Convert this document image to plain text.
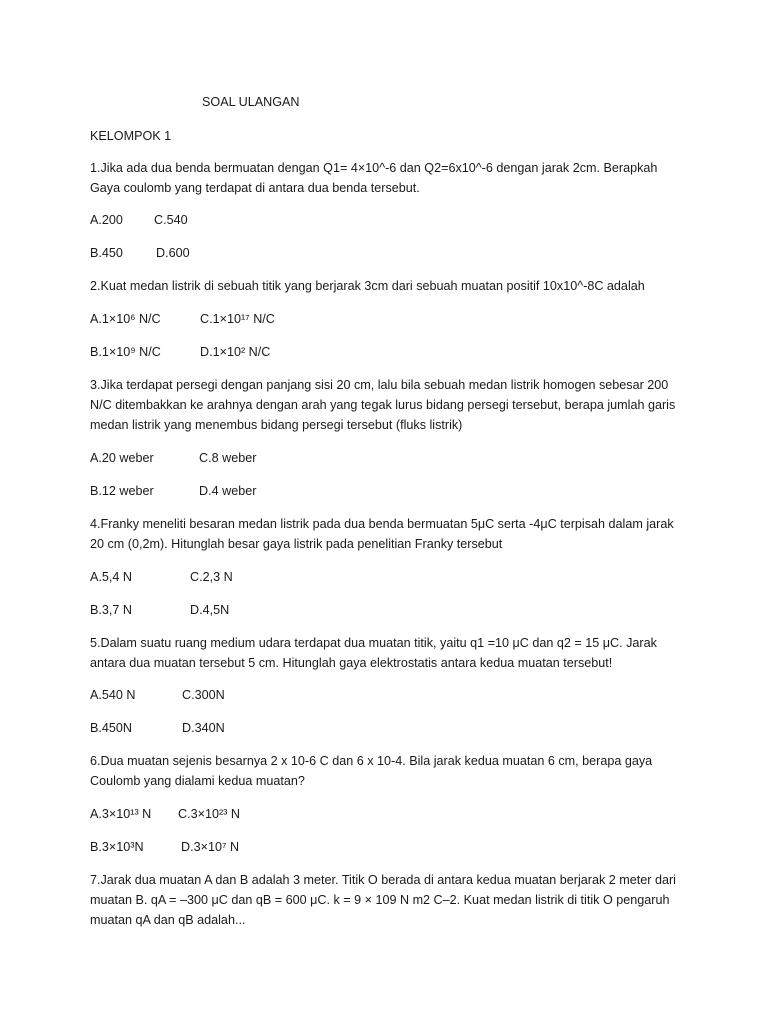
SOAL ULANGAN

KELOMPOK 1

1.Jika ada dua benda bermuatan dengan Q1= 4×10^-6 dan Q2=6x10^-6 dengan jarak 2cm. Berapkah Gaya coulomb yang terdapat di antara dua benda tersebut.

A.200 C.540
B.450	D.600

2.Kuat medan listrik di sebuah titik yang berjarak 3cm dari sebuah muatan positif 10x10^-8C adalah

A.1×10⁶ N/C	C.1×10¹⁷ N/C
B.1×10⁹ N/C	D.1×10² N/C

3.Jika terdapat persegi dengan panjang sisi 20 cm, lalu bila sebuah medan listrik homogen sebesar 200 N/C ditembakkan ke arahnya dengan arah yang tegak lurus bidang persegi tersebut, berapa jumlah garis medan listrik yang menembus bidang persegi tersebut (fluks listrik)

A.20 weber	C.8 weber
B.12 weber	D.4 weber

4.Franky meneliti besaran medan listrik pada dua benda bermuatan 5μC serta -4μC terpisah dalam jarak 20 cm (0,2m). Hitunglah besar gaya listrik pada penelitian Franky tersebut

A.5,4 N	C.2,3 N
B.3,7 N	D.4,5N

5.Dalam suatu ruang medium udara terdapat dua muatan titik, yaitu q1 =10 μC dan q2 = 15 μC. Jarak antara dua muatan tersebut 5 cm. Hitunglah gaya elektrostatis antara kedua muatan tersebut!

A.540 N	C.300N
B.450N	D.340N

6.Dua muatan sejenis besarnya 2 x 10-6 C dan 6 x 10-4. Bila jarak kedua muatan 6 cm, berapa gaya Coulomb yang dialami kedua muatan?

A.3×10¹³ N C.3×10²³ N
B.3×10³N	D.3×10⁷ N

7.Jarak dua muatan A dan B adalah 3 meter. Titik O berada di antara kedua muatan berjarak 2 meter dari muatan B. qA = –300 μC dan qB = 600 μC. k = 9 × 109 N m2 C–2. Kuat medan listrik di titik O pengaruh muatan qA dan qB adalah...
